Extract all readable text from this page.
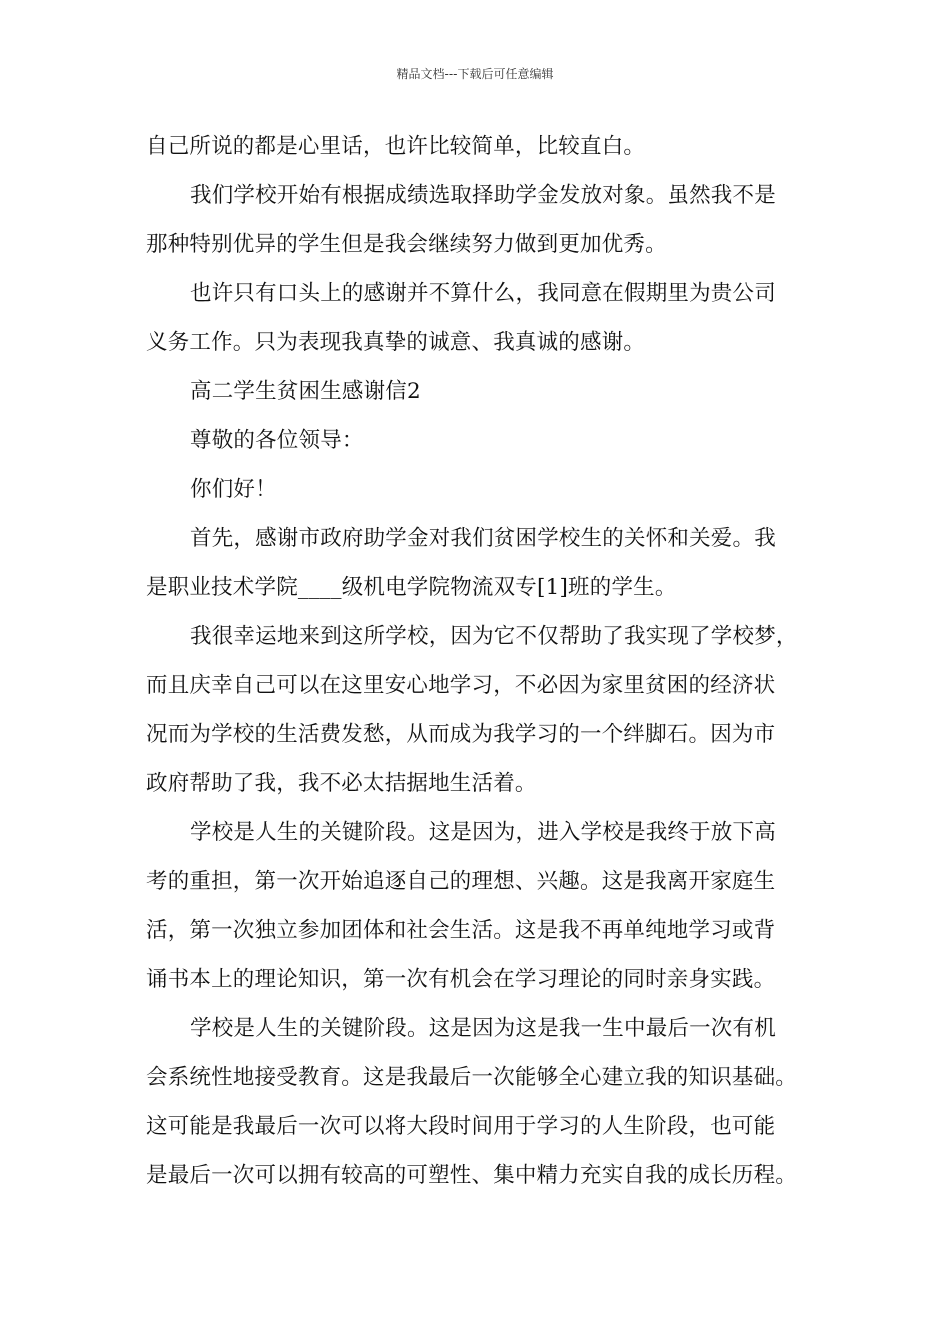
精品文档---下载后可任意编辑
自己所说的都是心里话，也许比较简单，比较直白。
我们学校开始有根据成绩选取择助学金发放对象。虽然我不是
那种特别优异的学生但是我会继续努力做到更加优秀。
也许只有口头上的感谢并不算什么，我同意在假期里为贵公司
义务工作。只为表现我真挚的诚意、我真诚的感谢。
高二学生贫困生感谢信2
尊敬的各位领导：
你们好！
首先，感谢市政府助学金对我们贫困学校生的关怀和关爱。我
是职业技术学院____级机电学院物流双专[1]班的学生。
我很幸运地来到这所学校，因为它不仅帮助了我实现了学校梦，
而且庆幸自己可以在这里安心地学习，不必因为家里贫困的经济状
况而为学校的生活费发愁，从而成为我学习的一个绊脚石。因为市
政府帮助了我，我不必太拮据地生活着。
学校是人生的关键阶段。这是因为，进入学校是我终于放下高
考的重担，第一次开始追逐自己的理想、兴趣。这是我离开家庭生
活，第一次独立参加团体和社会生活。这是我不再单纯地学习或背
诵书本上的理论知识，第一次有机会在学习理论的同时亲身实践。
学校是人生的关键阶段。这是因为这是我一生中最后一次有机
会系统性地接受教育。这是我最后一次能够全心建立我的知识基础。
这可能是我最后一次可以将大段时间用于学习的人生阶段，也可能
是最后一次可以拥有较高的可塑性、集中精力充实自我的成长历程。
